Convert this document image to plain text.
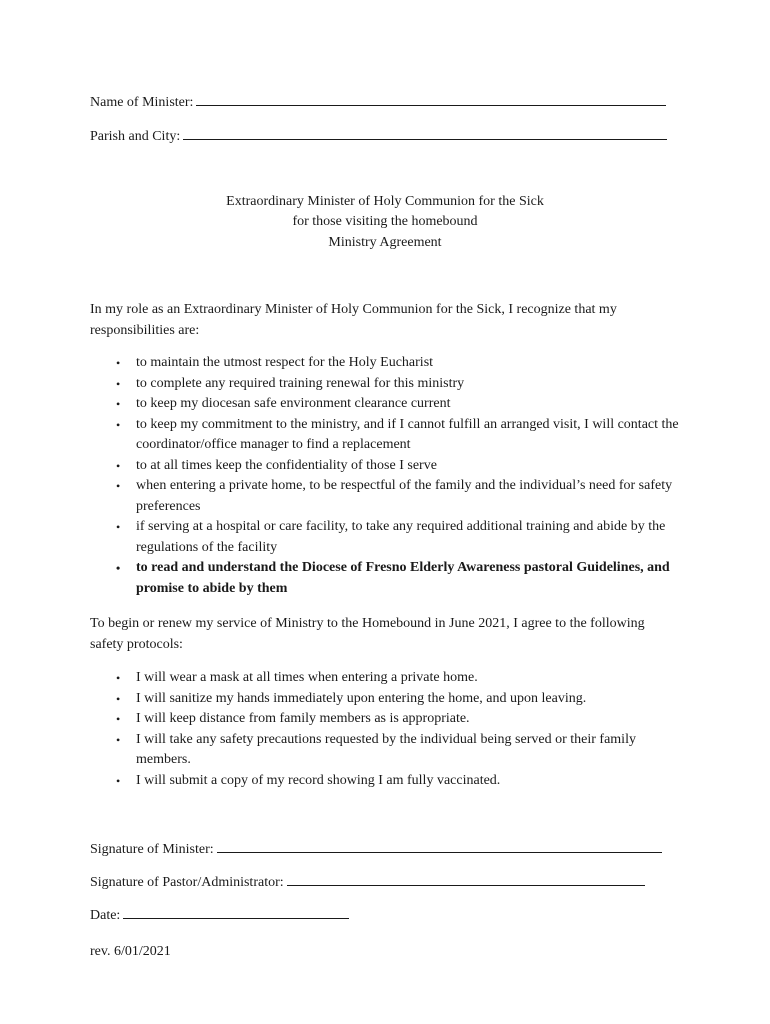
Name of Minister:
Parish and City:
Extraordinary Minister of Holy Communion for the Sick
for those visiting the homebound
Ministry Agreement
In my role as an Extraordinary Minister of Holy Communion for the Sick, I recognize that my responsibilities are:
• to maintain the utmost respect for the Holy Eucharist
• to complete any required training renewal for this ministry
• to keep my diocesan safe environment clearance current
• to keep my commitment to the ministry, and if I cannot fulfill an arranged visit, I will contact the coordinator/office manager to find a replacement
• to at all times keep the confidentiality of those I serve
• when entering a private home, to be respectful of the family and the individual’s need for safety preferences
• if serving at a hospital or care facility, to take any required additional training and abide by the regulations of the facility
• to read and understand the Diocese of Fresno Elderly Awareness pastoral Guidelines, and promise to abide by them
To begin or renew my service of Ministry to the Homebound in June 2021, I agree to the following safety protocols:
• I will wear a mask at all times when entering a private home.
• I will sanitize my hands immediately upon entering the home, and upon leaving.
• I will keep distance from family members as is appropriate.
• I will take any safety precautions requested by the individual being served or their family members.
• I will submit a copy of my record showing I am fully vaccinated.
Signature of Minister:
Signature of Pastor/Administrator:
Date:
rev. 6/01/2021
